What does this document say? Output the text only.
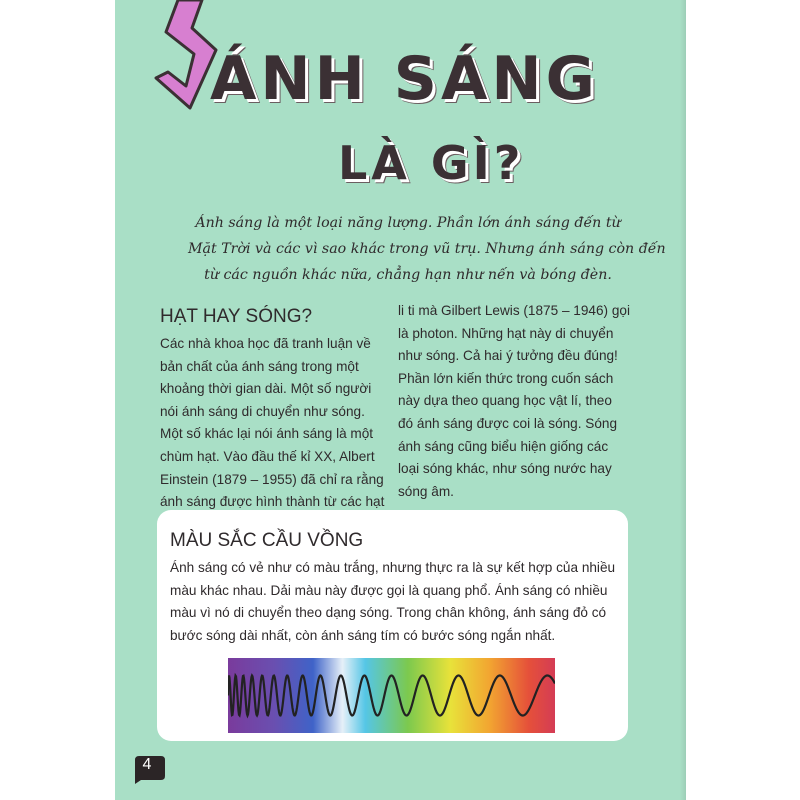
ÁNH SÁNG
LÀ GÌ?
Ánh sáng là một loại năng lượng. Phần lớn ánh sáng đến từ
Mặt Trời và các vì sao khác trong vũ trụ. Nhưng ánh sáng còn đến
từ các nguồn khác nữa, chẳng hạn như nến và bóng đèn.
HẠT HAY SÓNG?
Các nhà khoa học đã tranh luận về
bản chất của ánh sáng trong một
khoảng thời gian dài. Một số người
nói ánh sáng di chuyển như sóng.
Một số khác lại nói ánh sáng là một
chùm hạt. Vào đầu thế kỉ XX, Albert
Einstein (1879 – 1955) đã chỉ ra rằng
ánh sáng được hình thành từ các hạt
li ti mà Gilbert Lewis (1875 – 1946) gọi
là photon. Những hạt này di chuyển
như sóng. Cả hai ý tưởng đều đúng!
Phần lớn kiến thức trong cuốn sách
này dựa theo quang học vật lí, theo
đó ánh sáng được coi là sóng. Sóng
ánh sáng cũng biểu hiện giống các
loại sóng khác, như sóng nước hay
sóng âm.
MÀU SẮC CẦU VỒNG
Ánh sáng có vẻ như có màu trắng, nhưng thực ra là sự kết hợp của nhiều
màu khác nhau. Dải màu này được gọi là quang phổ. Ánh sáng có nhiều
màu vì nó di chuyển theo dạng sóng. Trong chân không, ánh sáng đỏ có
bước sóng dài nhất, còn ánh sáng tím có bước sóng ngắn nhất.
4
